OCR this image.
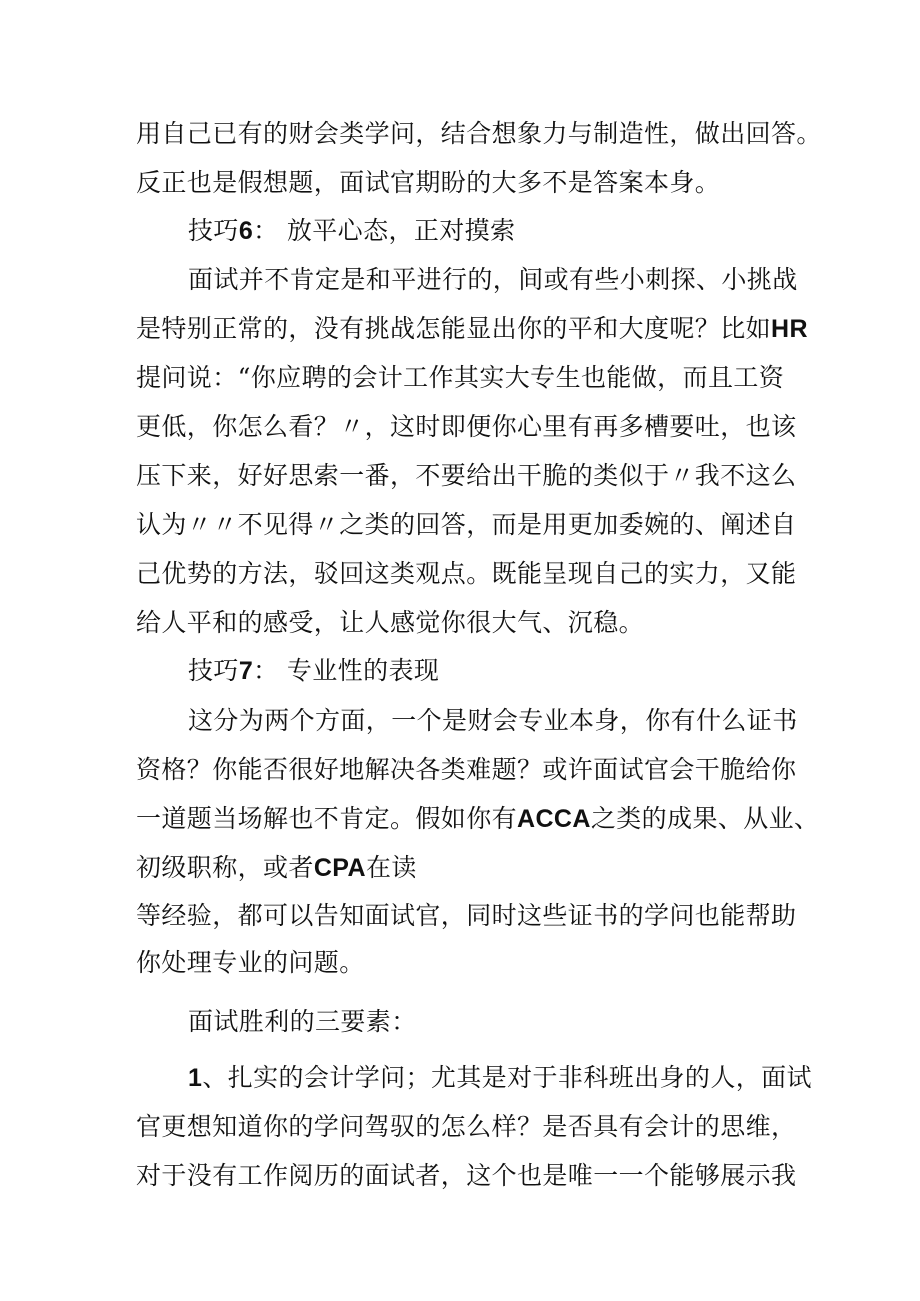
用自己已有的财会类学问，结合想象力与制造性，做出回答。

反正也是假想题，面试官期盼的大多不是答案本身。

技巧6： 放平心态，正对摸索

面试并不肯定是和平进行的，间或有些小刺探、小挑战

是特别正常的，没有挑战怎能显出你的平和大度呢？比如HR

提问说：“你应聘的会计工作其实大专生也能做，而且工资

更低，你怎么看？〃，这时即便你心里有再多槽要吐，也该

压下来，好好思索一番，不要给出干脆的类似于〃我不这么

认为〃〃不见得〃之类的回答，而是用更加委婉的、阐述自

己优势的方法，驳回这类观点。既能呈现自己的实力，又能

给人平和的感受，让人感觉你很大气、沉稳。

技巧7： 专业性的表现

这分为两个方面，一个是财会专业本身，你有什么证书

资格？你能否很好地解决各类难题？或许面试官会干脆给你

一道题当场解也不肯定。假如你有ACCA之类的成果、从业、

初级职称，或者CPA在读

等经验，都可以告知面试官，同时这些证书的学问也能帮助

你处理专业的问题。

面试胜利的三要素：

1、扎实的会计学问；尤其是对于非科班出身的人，面试

官更想知道你的学问驾驭的怎么样？是否具有会计的思维，

对于没有工作阅历的面试者，这个也是唯一一个能够展示我
